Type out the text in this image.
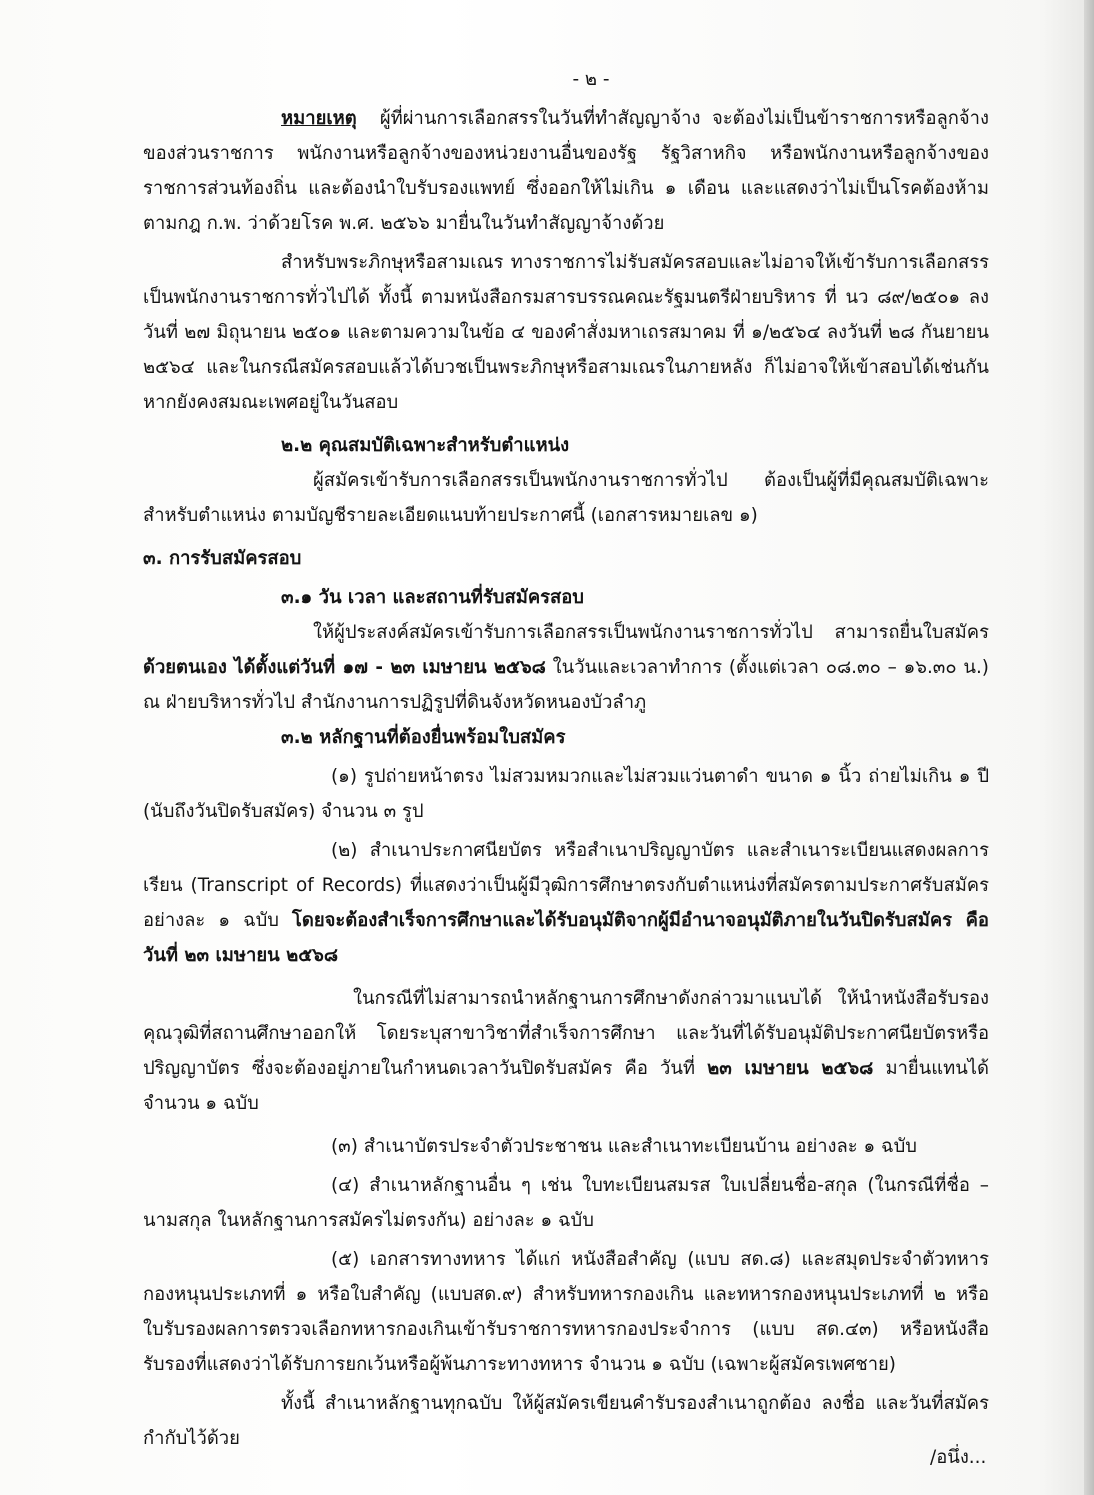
- ๒ -

หมายเหตุ ผู้ที่ผ่านการเลือกสรรในวันที่ทำสัญญาจ้าง จะต้องไม่เป็นข้าราชการหรือลูกจ้างของส่วนราชการ พนักงานหรือลูกจ้างของหน่วยงานอื่นของรัฐ รัฐวิสาหกิจ หรือพนักงานหรือลูกจ้างของราชการส่วนท้องถิ่น และต้องนำใบรับรองแพทย์ ซึ่งออกให้ไม่เกิน ๑ เดือน และแสดงว่าไม่เป็นโรคต้องห้ามตามกฎ ก.พ. ว่าด้วยโรค พ.ศ. ๒๕๖๖ มายื่นในวันทำสัญญาจ้างด้วย

สำหรับพระภิกษุหรือสามเณร ทางราชการไม่รับสมัครสอบและไม่อาจให้เข้ารับการเลือกสรรเป็นพนักงานราชการทั่วไปได้ ทั้งนี้ ตามหนังสือกรมสารบรรณคณะรัฐมนตรีฝ่ายบริหาร ที่ นว ๘๙/๒๕๐๑ ลงวันที่ ๒๗ มิถุนายน ๒๕๐๑ และตามความในข้อ ๔ ของคำสั่งมหาเถรสมาคม ที่ ๑/๒๕๖๔ ลงวันที่ ๒๘ กันยายน ๒๕๖๔ และในกรณีสมัครสอบแล้วได้บวชเป็นพระภิกษุหรือสามเณรในภายหลัง ก็ไม่อาจให้เข้าสอบได้เช่นกัน หากยังคงสมณะเพศอยู่ในวันสอบ

๒.๒ คุณสมบัติเฉพาะสำหรับตำแหน่ง

ผู้สมัครเข้ารับการเลือกสรรเป็นพนักงานราชการทั่วไป ต้องเป็นผู้ที่มีคุณสมบัติเฉพาะสำหรับตำแหน่ง ตามบัญชีรายละเอียดแนบท้ายประกาศนี้ (เอกสารหมายเลข ๑)

๓. การรับสมัครสอบ

๓.๑ วัน เวลา และสถานที่รับสมัครสอบ

ให้ผู้ประสงค์สมัครเข้ารับการเลือกสรรเป็นพนักงานราชการทั่วไป สามารถยื่นใบสมัครด้วยตนเอง ได้ตั้งแต่วันที่ ๑๗ - ๒๓ เมษายน ๒๕๖๘ ในวันและเวลาทำการ (ตั้งแต่เวลา ๐๘.๓๐ – ๑๖.๓๐ น.) ณ ฝ่ายบริหารทั่วไป สำนักงานการปฏิรูปที่ดินจังหวัดหนองบัวลำภู

๓.๒ หลักฐานที่ต้องยื่นพร้อมใบสมัคร

(๑) รูปถ่ายหน้าตรง ไม่สวมหมวกและไม่สวมแว่นตาดำ ขนาด ๑ นิ้ว ถ่ายไม่เกิน ๑ ปี (นับถึงวันปิดรับสมัคร) จำนวน ๓ รูป

(๒) สำเนาประกาศนียบัตร หรือสำเนาปริญญาบัตร และสำเนาระเบียนแสดงผลการเรียน (Transcript of Records) ที่แสดงว่าเป็นผู้มีวุฒิการศึกษาตรงกับตำแหน่งที่สมัครตามประกาศรับสมัคร อย่างละ ๑ ฉบับ โดยจะต้องสำเร็จการศึกษาและได้รับอนุมัติจากผู้มีอำนาจอนุมัติภายในวันปิดรับสมัคร คือ วันที่ ๒๓ เมษายน ๒๕๖๘

ในกรณีที่ไม่สามารถนำหลักฐานการศึกษาดังกล่าวมาแนบได้ ให้นำหนังสือรับรองคุณวุฒิที่สถานศึกษาออกให้ โดยระบุสาขาวิชาที่สำเร็จการศึกษา และวันที่ได้รับอนุมัติประกาศนียบัตรหรือปริญญาบัตร ซึ่งจะต้องอยู่ภายในกำหนดเวลาวันปิดรับสมัคร คือ วันที่ ๒๓ เมษายน ๒๕๖๘ มายื่นแทนได้ จำนวน ๑ ฉบับ

(๓) สำเนาบัตรประจำตัวประชาชน และสำเนาทะเบียนบ้าน อย่างละ ๑ ฉบับ

(๔) สำเนาหลักฐานอื่น ๆ เช่น ใบทะเบียนสมรส ใบเปลี่ยนชื่อ-สกุล (ในกรณีที่ชื่อ – นามสกุล ในหลักฐานการสมัครไม่ตรงกัน) อย่างละ ๑ ฉบับ

(๕) เอกสารทางทหาร ได้แก่ หนังสือสำคัญ (แบบ สด.๘) และสมุดประจำตัวทหารกองหนุนประเภทที่ ๑ หรือใบสำคัญ (แบบสด.๙) สำหรับทหารกองเกิน และทหารกองหนุนประเภทที่ ๒ หรือใบรับรองผลการตรวจเลือกทหารกองเกินเข้ารับราชการทหารกองประจำการ (แบบ สด.๔๓) หรือหนังสือรับรองที่แสดงว่าได้รับการยกเว้นหรือผู้พ้นภาระทางทหาร จำนวน ๑ ฉบับ (เฉพาะผู้สมัครเพศชาย)

ทั้งนี้ สำเนาหลักฐานทุกฉบับ ให้ผู้สมัครเขียนคำรับรองสำเนาถูกต้อง ลงชื่อ และวันที่สมัครกำกับไว้ด้วย

/อนึ่ง...
